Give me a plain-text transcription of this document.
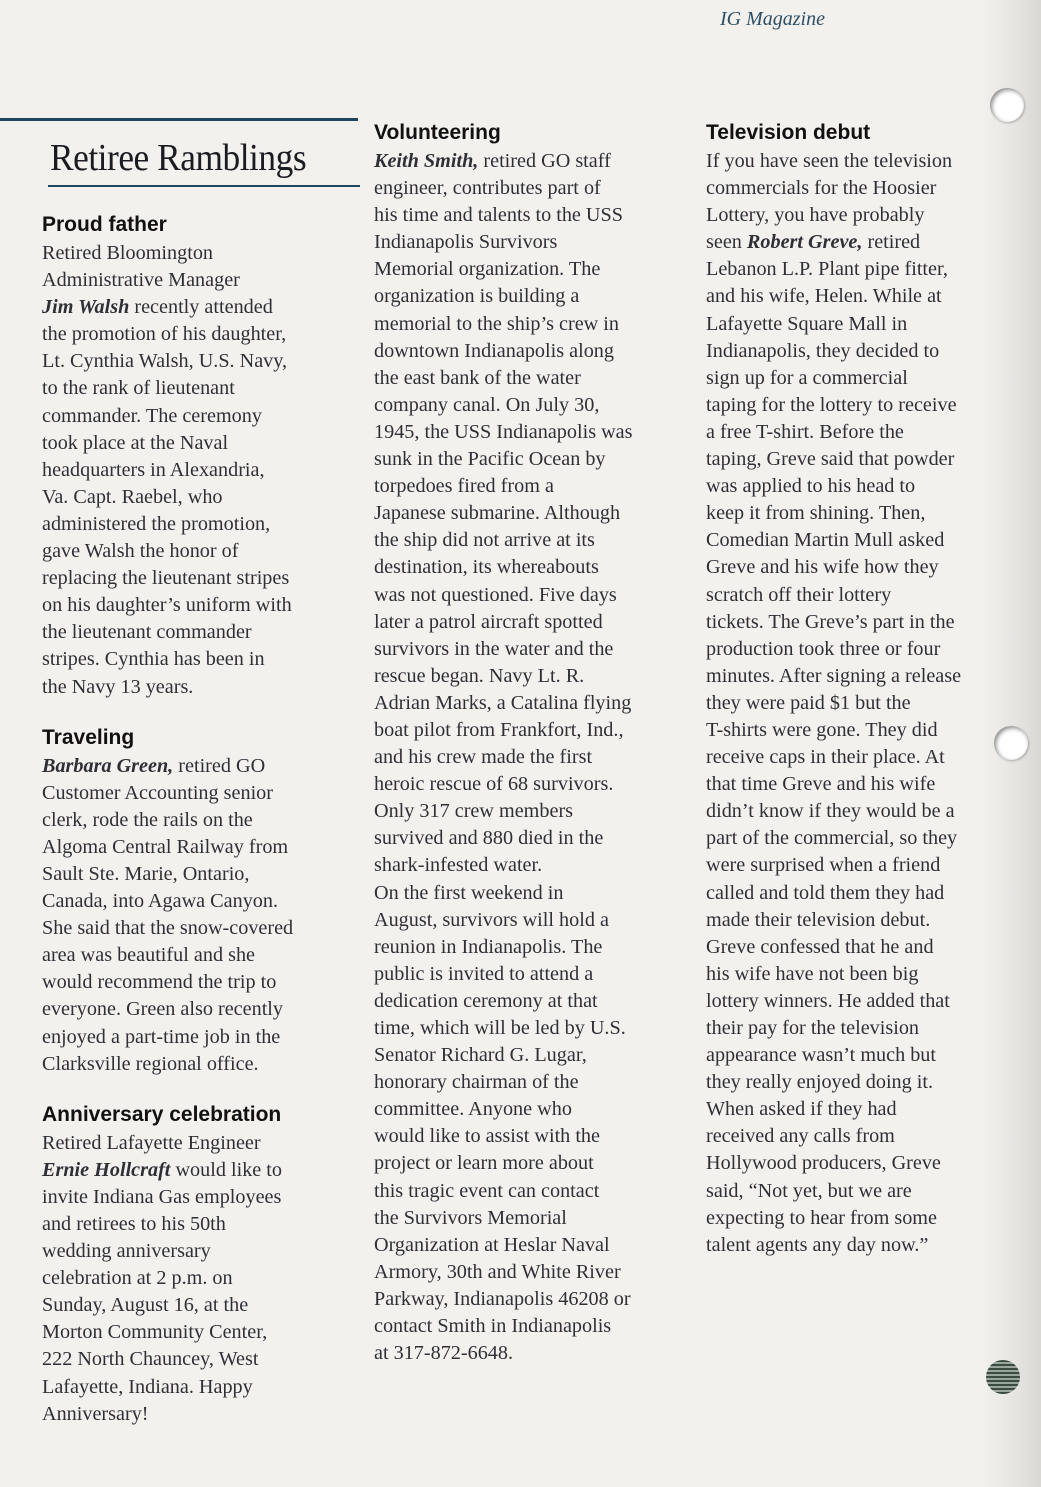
IG Magazine
Retiree Ramblings
Proud father

Retired Bloomington
Administrative Manager
Jim Walsh recently attended
the promotion of his daughter,
Lt. Cynthia Walsh, U.S. Navy,
to the rank of lieutenant
commander. The ceremony
took place at the Naval
headquarters in Alexandria,
Va. Capt. Raebel, who
administered the promotion,
gave Walsh the honor of
replacing the lieutenant stripes
on his daughter’s uniform with
the lieutenant commander
stripes. Cynthia has been in
the Navy 13 years.

Traveling

Barbara Green, retired GO
Customer Accounting senior
clerk, rode the rails on the
Algoma Central Railway from
Sault Ste. Marie, Ontario,
Canada, into Agawa Canyon.
She said that the snow-covered
area was beautiful and she
would recommend the trip to
everyone. Green also recently
enjoyed a part-time job in the
Clarksville regional office.

Anniversary celebration

Retired Lafayette Engineer
Ernie Hollcraft would like to
invite Indiana Gas employees
and retirees to his 50th
wedding anniversary
celebration at 2 p.m. on
Sunday, August 16, at the
Morton Community Center,
222 North Chauncey, West
Lafayette, Indiana. Happy
Anniversary!

Volunteering

Keith Smith, retired GO staff
engineer, contributes part of
his time and talents to the USS
Indianapolis Survivors
Memorial organization. The
organization is building a
memorial to the ship’s crew in
downtown Indianapolis along
the east bank of the water
company canal. On July 30,
1945, the USS Indianapolis was
sunk in the Pacific Ocean by
torpedoes fired from a
Japanese submarine. Although
the ship did not arrive at its
destination, its whereabouts
was not questioned. Five days
later a patrol aircraft spotted
survivors in the water and the
rescue began. Navy Lt. R.
Adrian Marks, a Catalina flying
boat pilot from Frankfort, Ind.,
and his crew made the first
heroic rescue of 68 survivors.
Only 317 crew members
survived and 880 died in the
shark-infested water.
On the first weekend in
August, survivors will hold a
reunion in Indianapolis. The
public is invited to attend a
dedication ceremony at that
time, which will be led by U.S.
Senator Richard G. Lugar,
honorary chairman of the
committee. Anyone who
would like to assist with the
project or learn more about
this tragic event can contact
the Survivors Memorial
Organization at Heslar Naval
Armory, 30th and White River
Parkway, Indianapolis 46208 or
contact Smith in Indianapolis
at 317-872-6648.

Television debut

If you have seen the television
commercials for the Hoosier
Lottery, you have probably
seen Robert Greve, retired
Lebanon L.P. Plant pipe fitter,
and his wife, Helen. While at
Lafayette Square Mall in
Indianapolis, they decided to
sign up for a commercial
taping for the lottery to receive
a free T-shirt. Before the
taping, Greve said that powder
was applied to his head to
keep it from shining. Then,
Comedian Martin Mull asked
Greve and his wife how they
scratch off their lottery
tickets. The Greve’s part in the
production took three or four
minutes. After signing a release
they were paid $1 but the
T-shirts were gone. They did
receive caps in their place. At
that time Greve and his wife
didn’t know if they would be a
part of the commercial, so they
were surprised when a friend
called and told them they had
made their television debut.
Greve confessed that he and
his wife have not been big
lottery winners. He added that
their pay for the television
appearance wasn’t much but
they really enjoyed doing it.
When asked if they had
received any calls from
Hollywood producers, Greve
said, “Not yet, but we are
expecting to hear from some
talent agents any day now.”
